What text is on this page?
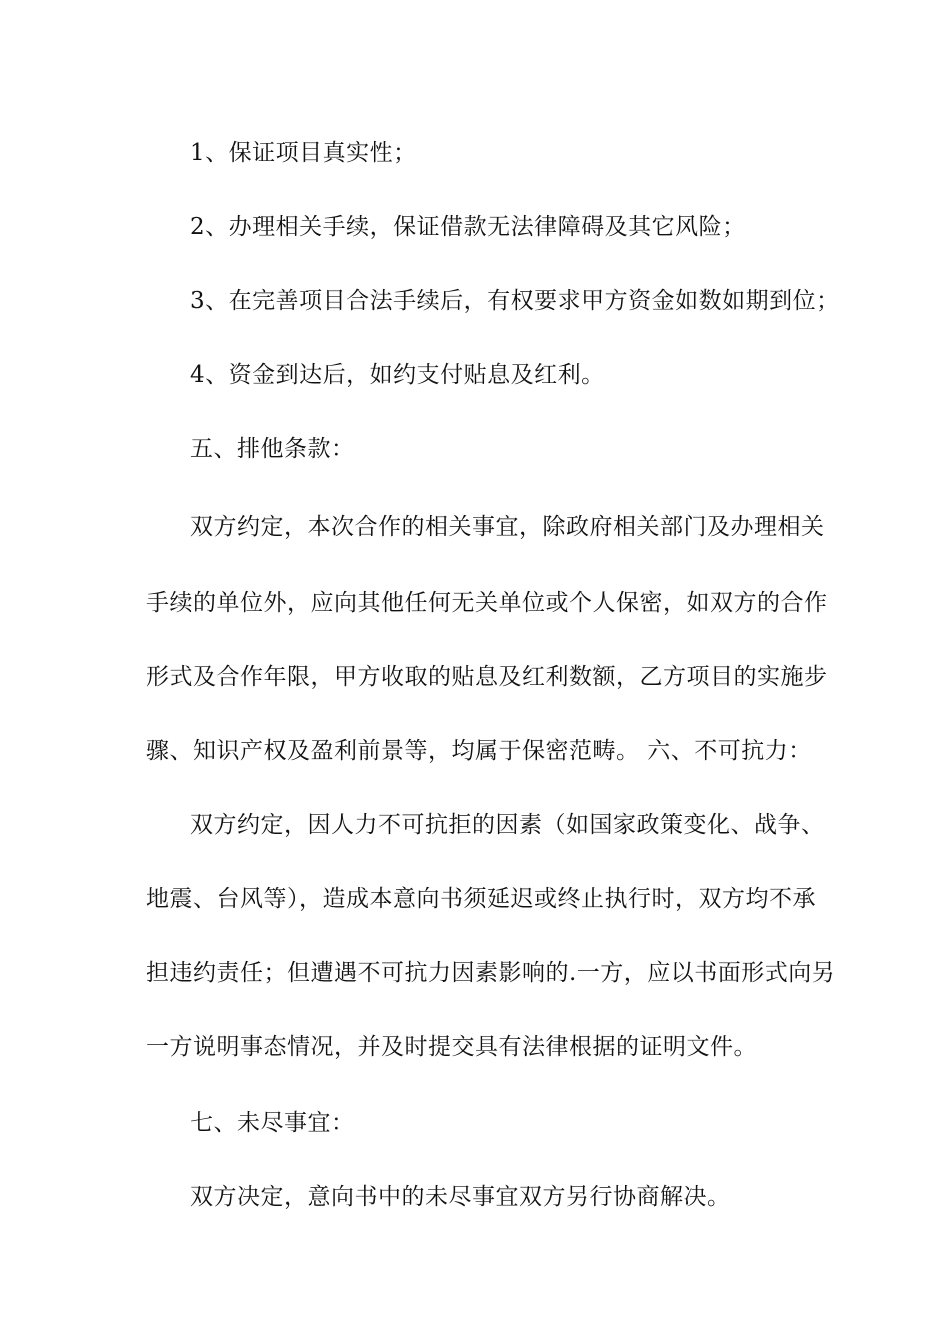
1、保证项目真实性；
2、办理相关手续，保证借款无法律障碍及其它风险；
3、在完善项目合法手续后，有权要求甲方资金如数如期到位；
4、资金到达后，如约支付贴息及红利。
五、排他条款：
双方约定，本次合作的相关事宜，除政府相关部门及办理相关
手续的单位外，应向其他任何无关单位或个人保密，如双方的合作
形式及合作年限，甲方收取的贴息及红利数额，乙方项目的实施步
骤、知识产权及盈利前景等，均属于保密范畴。 六、不可抗力：
双方约定，因人力不可抗拒的因素（如国家政策变化、战争、
地震、台风等），造成本意向书须延迟或终止执行时，双方均不承
担违约责任；但遭遇不可抗力因素影响的.一方，应以书面形式向另
一方说明事态情况，并及时提交具有法律根据的证明文件。
七、未尽事宜：
双方决定，意向书中的未尽事宜双方另行协商解决。
